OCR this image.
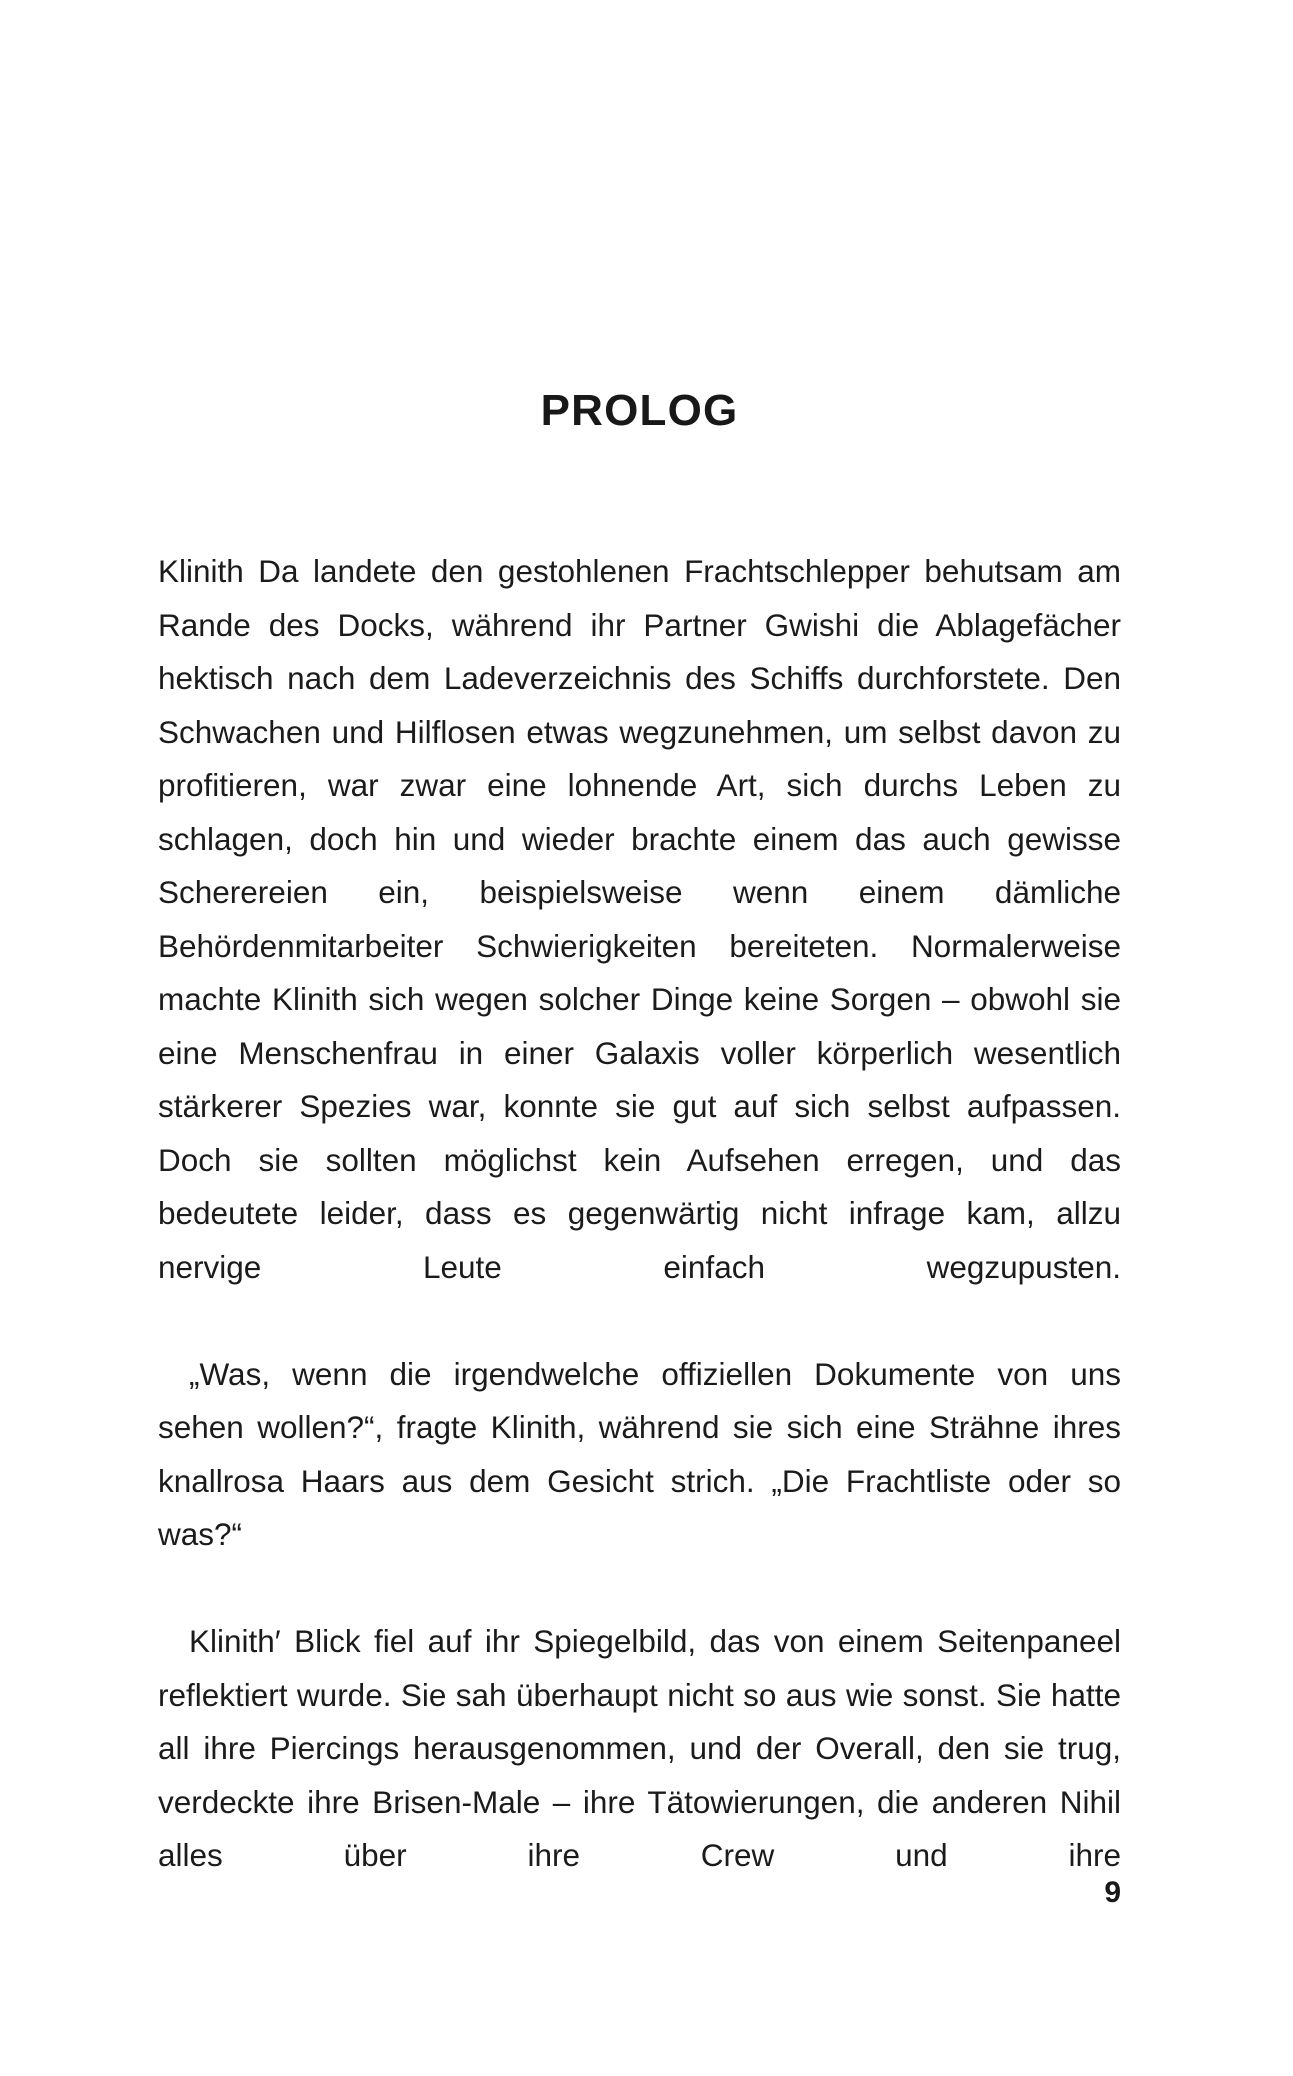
PROLOG

Klinith Da landete den gestohlenen Frachtschlepper behutsam am Rande des Docks, während ihr Partner Gwishi die Ablagefächer hektisch nach dem Ladeverzeichnis des Schiffs durchforstete. Den Schwachen und Hilflosen etwas wegzunehmen, um selbst davon zu profitieren, war zwar eine lohnende Art, sich durchs Leben zu schlagen, doch hin und wieder brachte einem das auch gewisse Scherereien ein, beispielsweise wenn einem dämliche Behördenmitarbeiter Schwierigkeiten bereiteten. Normalerweise machte Klinith sich wegen solcher Dinge keine Sorgen – obwohl sie eine Menschenfrau in einer Galaxis voller körperlich wesentlich stärkerer Spezies war, konnte sie gut auf sich selbst aufpassen. Doch sie sollten möglichst kein Aufsehen erregen, und das bedeutete leider, dass es gegenwärtig nicht infrage kam, allzu nervige Leute einfach wegzupusten.

„Was, wenn die irgendwelche offiziellen Dokumente von uns sehen wollen?“, fragte Klinith, während sie sich eine Strähne ihres knallrosa Haars aus dem Gesicht strich. „Die Frachtliste oder so was?“

Klinith′ Blick fiel auf ihr Spiegelbild, das von einem Seitenpaneel reflektiert wurde. Sie sah überhaupt nicht so aus wie sonst. Sie hatte all ihre Piercings herausgenommen, und der Overall, den sie trug, verdeckte ihre Brisen-Male – ihre Tätowierungen, die anderen Nihil alles über ihre Crew und ihre

9
